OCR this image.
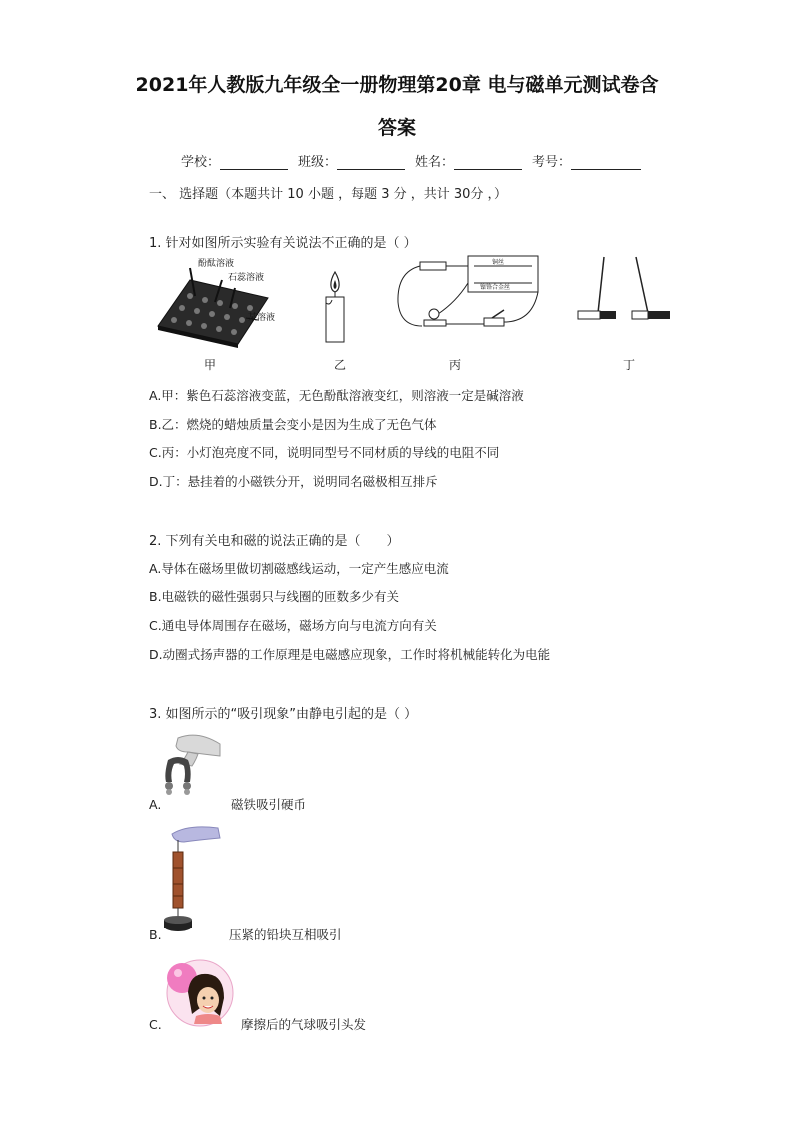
2021年人教版九年级全一册物理第20章 电与磁单元测试卷含
答案
学校：	班级：	姓名：	考号：
一、 选择题（本题共计 10 小题 ，每题 3 分 ，共计 30分 ，）
1. 针对如图所示实验有关说法不正确的是（ ）
酚酞溶液
石蕊溶液
某溶液
铜丝
镍铬合金丝
甲	乙	丙	丁
A.甲：紫色石蕊溶液变蓝，无色酚酞溶液变红，则溶液一定是碱溶液
B.乙：燃烧的蜡烛质量会变小是因为生成了无色气体
C.丙：小灯泡亮度不同，说明同型号不同材质的导线的电阻不同
D.丁：悬挂着的小磁铁分开，说明同名磁极相互排斥
2. 下列有关电和磁的说法正确的是（　　）
A.导体在磁场里做切割磁感线运动，一定产生感应电流
B.电磁铁的磁性强弱只与线圈的匝数多少有关
C.通电导体周围存在磁场，磁场方向与电流方向有关
D.动圈式扬声器的工作原理是电磁感应现象，工作时将机械能转化为电能
3. 如图所示的“吸引现象”由静电引起的是（ ）
A.	磁铁吸引硬币
B.	压紧的铅块互相吸引
C.	摩擦后的气球吸引头发
